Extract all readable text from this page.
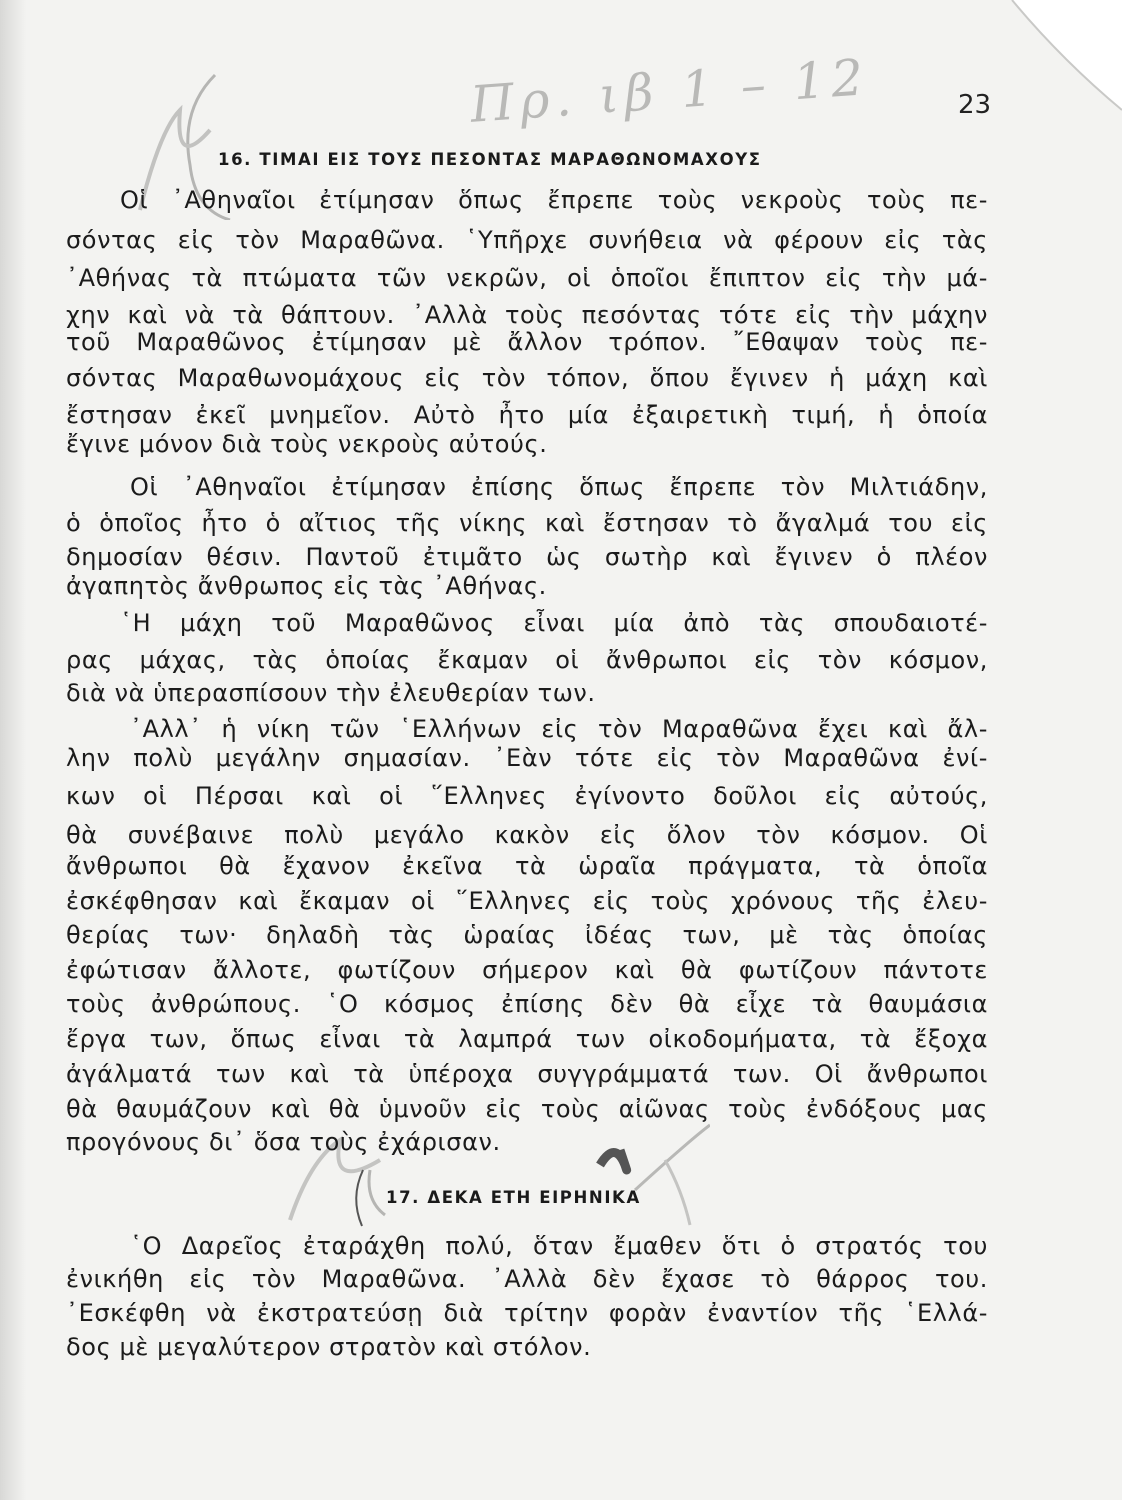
Πρ. ιβ 1 – 12	23
16. ΤΙΜΑΙ ΕΙΣ ΤΟΥΣ ΠΕΣΟΝΤΑΣ ΜΑΡΑΘΩΝΟΜΑΧΟΥΣ
Οἱ ᾿Αθηναῖοι ἐτίμησαν ὅπως ἔπρεπε τοὺς νεκροὺς τοὺς πε-
σόντας εἰς τὸν Μαραθῶνα. ῾Υπῆρχε συνήθεια νὰ φέρουν εἰς τὰς
᾿Αθήνας τὰ πτώματα τῶν νεκρῶν, οἱ ὁποῖοι ἔπιπτον εἰς τὴν μά-
χην καὶ νὰ τὰ θάπτουν. ᾿Αλλὰ τοὺς πεσόντας τότε εἰς τὴν μάχην
τοῦ Μαραθῶνος ἐτίμησαν μὲ ἄλλον τρόπον. ῎Εθαψαν τοὺς πε-
σόντας Μαραθωνομάχους εἰς τὸν τόπον, ὅπου ἔγινεν ἡ μάχη καὶ
ἔστησαν ἐκεῖ μνημεῖον. Αὐτὸ ἦτο μία ἐξαιρετικὴ τιμή, ἡ ὁποία
ἔγινε μόνον διὰ τοὺς νεκροὺς αὐτούς.
Οἱ ᾿Αθηναῖοι ἐτίμησαν ἐπίσης ὅπως ἔπρεπε τὸν Μιλτιάδην,
ὁ ὁποῖος ἦτο ὁ αἴτιος τῆς νίκης καὶ ἔστησαν τὸ ἄγαλμά του εἰς
δημοσίαν θέσιν. Παντοῦ ἐτιμᾶτο ὡς σωτὴρ καὶ ἔγινεν ὁ πλέον
ἀγαπητὸς ἄνθρωπος εἰς τὰς ᾿Αθήνας.
῾Η μάχη τοῦ Μαραθῶνος εἶναι μία ἀπὸ τὰς σπουδαιοτέ-
ρας μάχας, τὰς ὁποίας ἔκαμαν οἱ ἄνθρωποι εἰς τὸν κόσμον,
διὰ νὰ ὑπερασπίσουν τὴν ἐλευθερίαν των.
᾿Αλλ᾿ ἡ νίκη τῶν ῾Ελλήνων εἰς τὸν Μαραθῶνα ἔχει καὶ ἄλ-
λην πολὺ μεγάλην σημασίαν. ᾿Εὰν τότε εἰς τὸν Μαραθῶνα ἐνί-
κων οἱ Πέρσαι καὶ οἱ ῞Ελληνες ἐγίνοντο δοῦλοι εἰς αὐτούς,
θὰ συνέβαινε πολὺ μεγάλο κακὸν εἰς ὅλον τὸν κόσμον. Οἱ
ἄνθρωποι θὰ ἔχανον ἐκεῖνα τὰ ὡραῖα πράγματα, τὰ ὁποῖα
ἐσκέφθησαν καὶ ἔκαμαν οἱ ῞Ελληνες εἰς τοὺς χρόνους τῆς ἐλευ-
θερίας των· δηλαδὴ τὰς ὡραίας ἰδέας των, μὲ τὰς ὁποίας
ἐφώτισαν ἄλλοτε, φωτίζουν σήμερον καὶ θὰ φωτίζουν πάντοτε
τοὺς ἀνθρώπους. ῾Ο κόσμος ἐπίσης δὲν θὰ εἶχε τὰ θαυμάσια
ἔργα των, ὅπως εἶναι τὰ λαμπρά των οἰκοδομήματα, τὰ ἔξοχα
ἀγάλματά των καὶ τὰ ὑπέροχα συγγράμματά των. Οἱ ἄνθρωποι
θὰ θαυμάζουν καὶ θὰ ὑμνοῦν εἰς τοὺς αἰῶνας τοὺς ἐνδόξους μας
προγόνους δι᾿ ὅσα τοὺς ἐχάρισαν.
17. ΔΕΚΑ ΕΤΗ ΕΙΡΗΝΙΚΑ
῾Ο Δαρεῖος ἐταράχθη πολύ, ὅταν ἔμαθεν ὅτι ὁ στρατός του
ἐνικήθη εἰς τὸν Μαραθῶνα. ᾿Αλλὰ δὲν ἔχασε τὸ θάρρος του.
᾿Εσκέφθη νὰ ἐκστρατεύσῃ διὰ τρίτην φορὰν ἐναντίον τῆς ῾Ελλά-
δος μὲ μεγαλύτερον στρατὸν καὶ στόλον.
